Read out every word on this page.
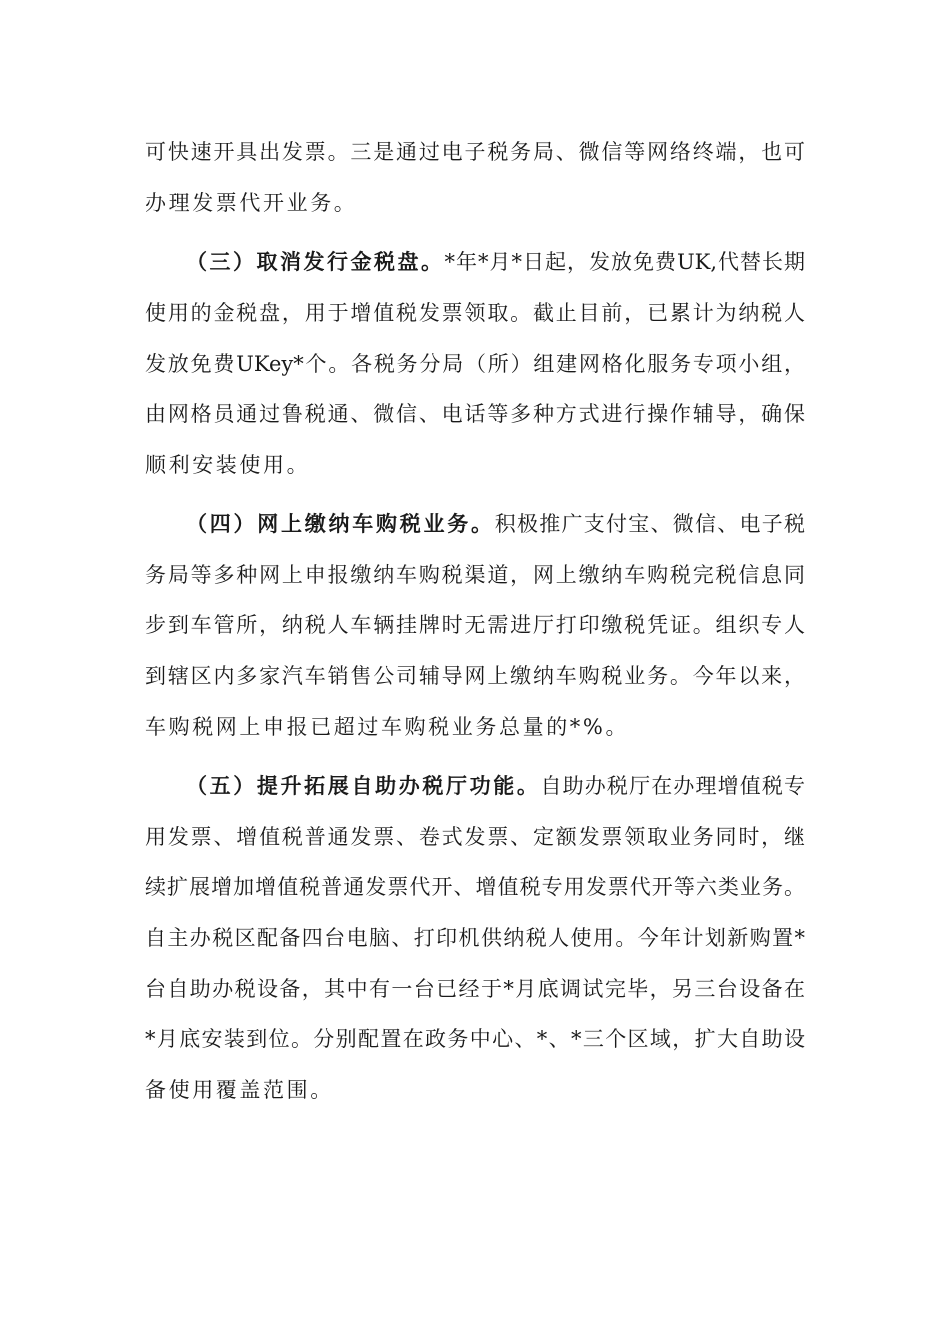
可快速开具出发票。三是通过电子税务局、微信等网络终端，也可
办理发票代开业务。
（三）取消发行金税盘。*年*月*日起，发放免费UK,代替长期
使用的金税盘，用于增值税发票领取。截止目前，已累计为纳税人
发放免费UKey*个。各税务分局（所）组建网格化服务专项小组，
由网格员通过鲁税通、微信、电话等多种方式进行操作辅导，确保
顺利安装使用。
（四）网上缴纳车购税业务。积极推广支付宝、微信、电子税
务局等多种网上申报缴纳车购税渠道，网上缴纳车购税完税信息同
步到车管所，纳税人车辆挂牌时无需进厅打印缴税凭证。组织专人
到辖区内多家汽车销售公司辅导网上缴纳车购税业务。今年以来，
车购税网上申报已超过车购税业务总量的*%。
（五）提升拓展自助办税厅功能。自助办税厅在办理增值税专
用发票、增值税普通发票、卷式发票、定额发票领取业务同时，继
续扩展增加增值税普通发票代开、增值税专用发票代开等六类业务。
自主办税区配备四台电脑、打印机供纳税人使用。今年计划新购置*
台自助办税设备，其中有一台已经于*月底调试完毕，另三台设备在
*月底安装到位。分别配置在政务中心、*、*三个区域，扩大自助设
备使用覆盖范围。
